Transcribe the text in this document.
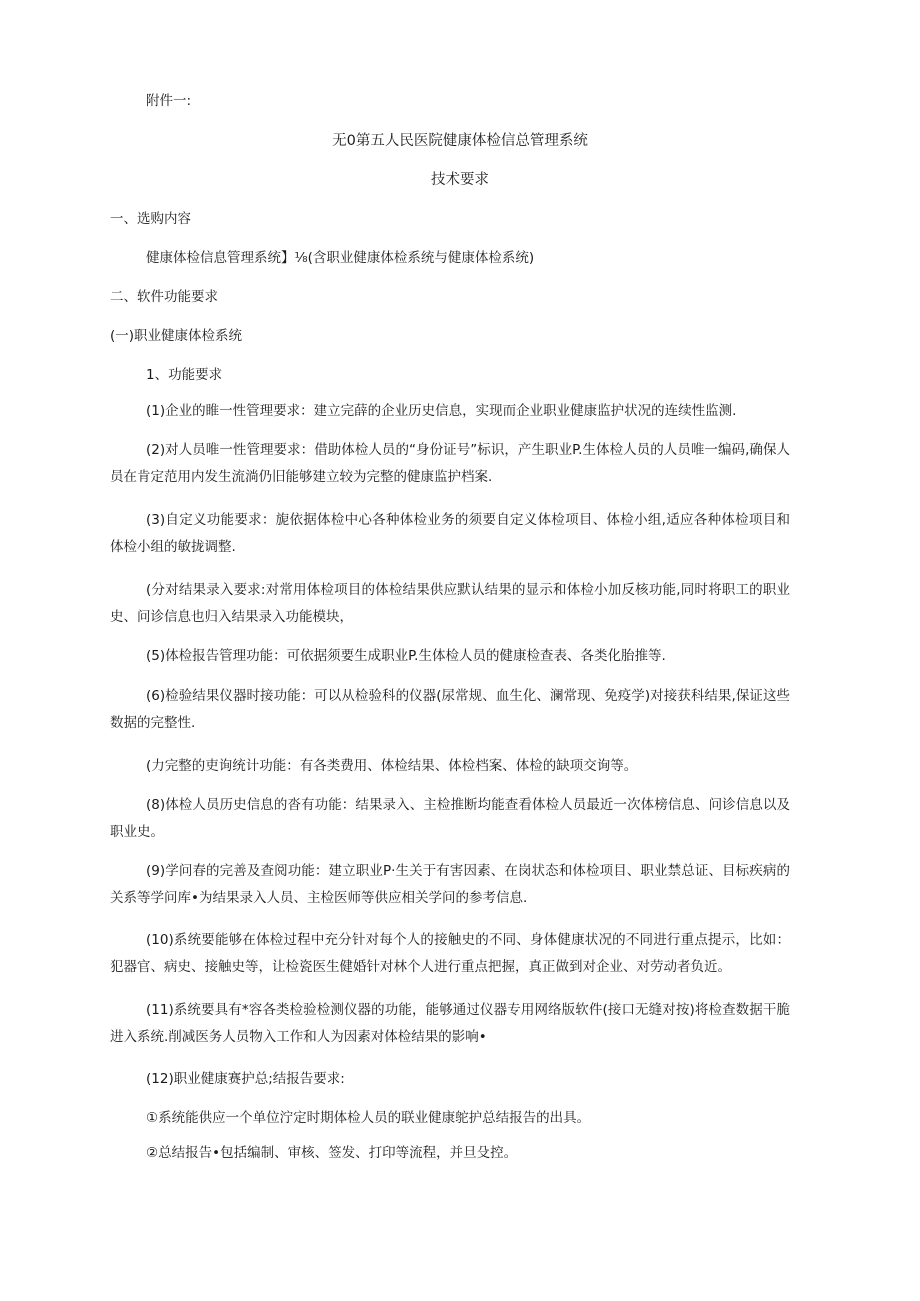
附件一:
无0第五人民医院健康体检信总管理系统
技术要求
一、选购内容
健康体检信息管理系统】⅛(含职业健康体检系统与健康体检系统)
二、软件功能要求
(一)职业健康体检系统
1、功能要求
(1)企业的睢一性管理要求：建立完薛的企业历史信息，实现而企业职业健康监护状况的连续性监测.
(2)对人员唯一性管理要求：借助体检人员的“身份证号”标识，产生职业P.生体检人员的人员唯一编码,确保人员在肯定范用内发生流淌仍旧能够建立较为完整的健康监护档案.
(3)自定义功能要求：旎依据体检中心各种体检业务的须要自定义体检项目、体检小组,适应各种体检项目和体检小组的敏拢调整.
(分对结果录入要求:对常用体检项目的体检结果供应默认结果的显示和体检小加反核功能,同时将职工的职业史、问诊信息也归入结果录入功能模块，
(5)体检报告管理功能：可依据须要生成职业P.生体检人员的健康检查表、各类化胎推等.
(6)检验结果仪器时接功能：可以从检验科的仪器(尿常规、血生化、澜常现、免疫学)对接获科结果,保证这些数据的完整性.
(力完整的吏询统计功能：有各类费用、体检结果、体检档案、体检的缺项交询等。
(8)体检人员历史信息的沓有功能：结果录入、主检推断均能查看体检人员最近一次体榜信息、问诊信息以及职业史。
(9)学问春的完善及查阅功能：建立职业P·生关于有害因素、在岗状态和体检项目、职业禁总证、目标疾病的关系等学问库•为结果录入人员、主检医师等供应相关学问的参考信息.
(10)系统要能够在体检过程中充分针对每个人的接触史的不同、身体健康状况的不同进行重点提示，比如：犯器官、病史、接触史等，让检瓷医生健婚针对林个人进行重点把握，真正做到对企业、对劳动者负近。
(11)系统要具有*容各类检验检测仪器的功能，能够通过仪器专用网络版软件(接口无缝对按)将检查数据干脆进入系统.削减医务人员物入工作和人为因素对体检结果的影响•
(12)职业健康赛护总;结报告要求:
①系统能供应一个单位泞定时期体检人员的联业健康鸵护总结报告的出具。
②总结报告•包括编制、审核、签发、打印等流程，并旦殳控。
